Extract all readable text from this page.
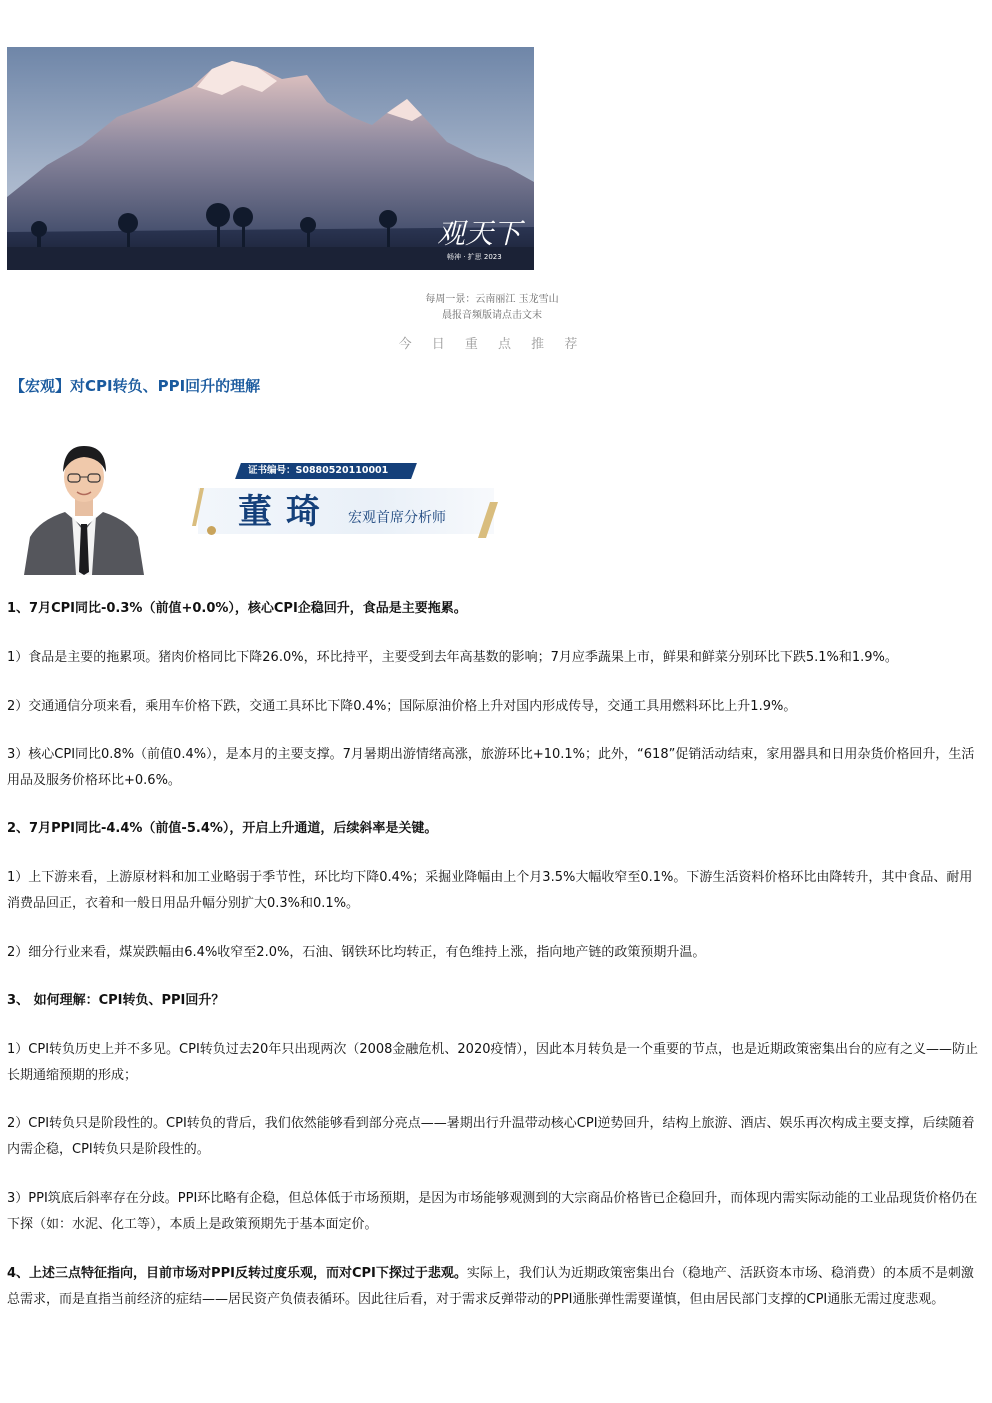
观天下
畅神 · 扩思 2023
每周一景：云南丽江 玉龙雪山
晨报音频版请点击文末
今 日 重 点 推 荐
【宏观】对CPI转负、PPI回升的理解
证书编号：S0880520110001
董琦 宏观首席分析师
1、7月CPI同比-0.3%（前值+0.0%），核心CPI企稳回升，食品是主要拖累。
1）食品是主要的拖累项。猪肉价格同比下降26.0%，环比持平，主要受到去年高基数的影响；7月应季蔬果上市，鲜果和鲜菜分别环比下跌5.1%和1.9%。
2）交通通信分项来看，乘用车价格下跌，交通工具环比下降0.4%；国际原油价格上升对国内形成传导，交通工具用燃料环比上升1.9%。
3）核心CPI同比0.8%（前值0.4%），是本月的主要支撑。7月暑期出游情绪高涨，旅游环比+10.1%；此外，“618”促销活动结束，家用器具和日用杂货价格回升，生活用品及服务价格环比+0.6%。
2、7月PPI同比-4.4%（前值-5.4%），开启上升通道，后续斜率是关键。
1）上下游来看，上游原材料和加工业略弱于季节性，环比均下降0.4%；采掘业降幅由上个月3.5%大幅收窄至0.1%。下游生活资料价格环比由降转升，其中食品、耐用消费品回正，衣着和一般日用品升幅分别扩大0.3%和0.1%。
2）细分行业来看，煤炭跌幅由6.4%收窄至2.0%，石油、钢铁环比均转正，有色维持上涨，指向地产链的政策预期升温。
3、 如何理解：CPI转负、PPI回升？
1）CPI转负历史上并不多见。CPI转负过去20年只出现两次（2008金融危机、2020疫情），因此本月转负是一个重要的节点，也是近期政策密集出台的应有之义——防止长期通缩预期的形成；
2）CPI转负只是阶段性的。CPI转负的背后，我们依然能够看到部分亮点——暑期出行升温带动核心CPI逆势回升，结构上旅游、酒店、娱乐再次构成主要支撑，后续随着内需企稳，CPI转负只是阶段性的。
3）PPI筑底后斜率存在分歧。PPI环比略有企稳，但总体低于市场预期，是因为市场能够观测到的大宗商品价格皆已企稳回升，而体现内需实际动能的工业品现货价格仍在下探（如：水泥、化工等），本质上是政策预期先于基本面定价。
4、上述三点特征指向，目前市场对PPI反转过度乐观，而对CPI下探过于悲观。实际上，我们认为近期政策密集出台（稳地产、活跃资本市场、稳消费）的本质不是刺激总需求，而是直指当前经济的症结——居民资产负债表循环。因此往后看，对于需求反弹带动的PPI通胀弹性需要谨慎，但由居民部门支撑的CPI通胀无需过度悲观。
